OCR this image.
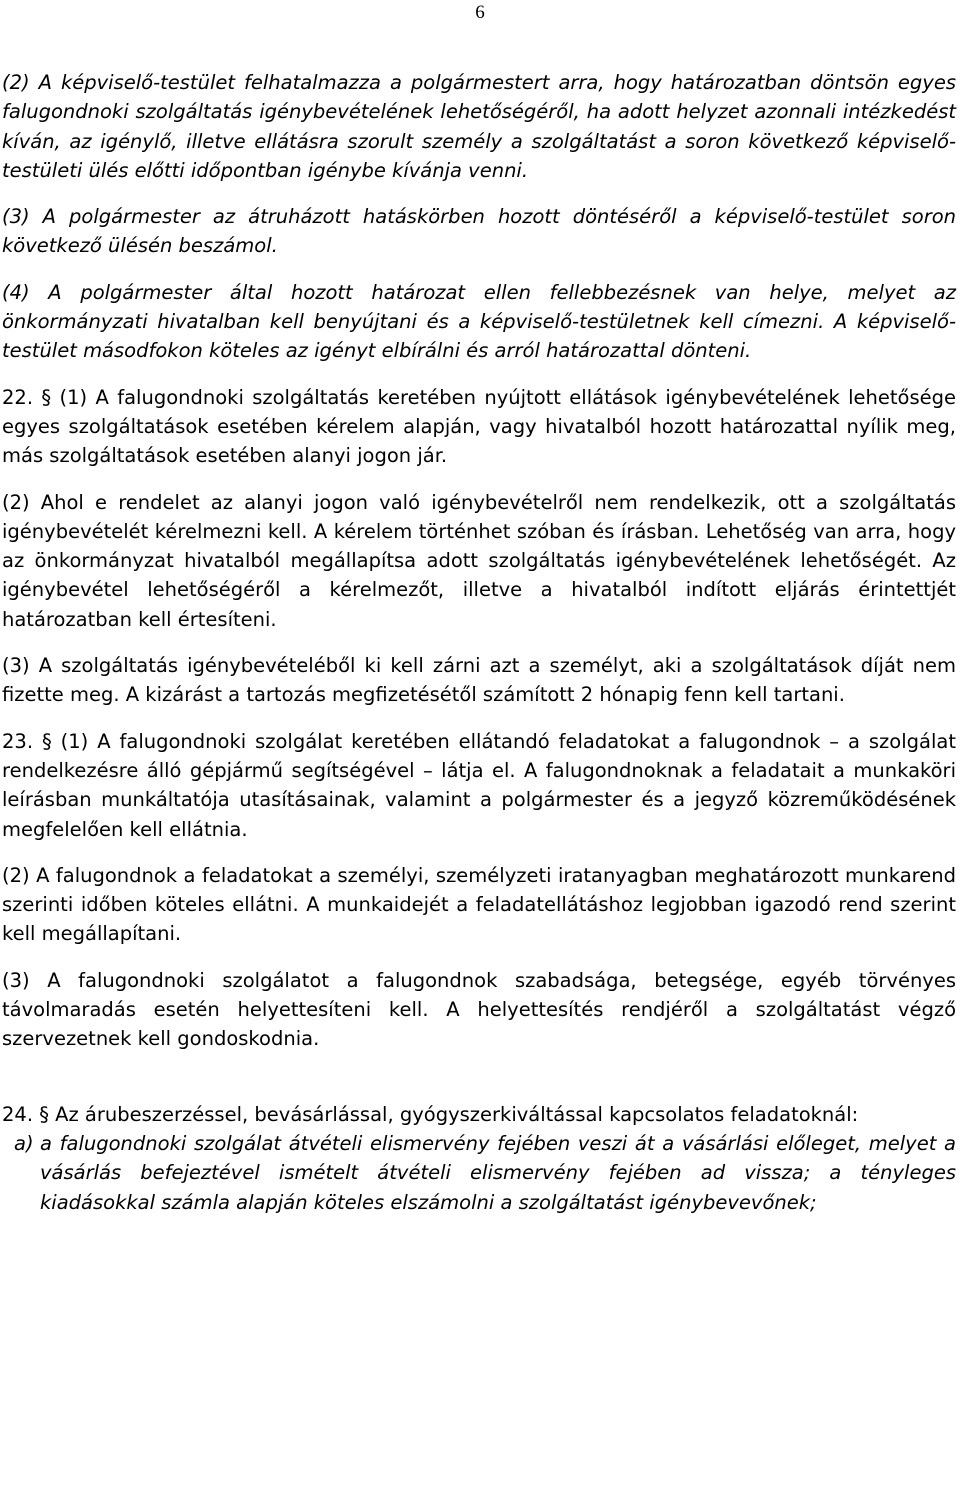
6

(2) A képviselő-testület felhatalmazza a polgármestert arra, hogy határozatban döntsön egyes falugondnoki szolgáltatás igénybevételének lehetőségéről, ha adott helyzet azonnali intézkedést kíván, az igénylő, illetve ellátásra szorult személy a szolgáltatást a soron következő képviselő-testületi ülés előtti időpontban igénybe kívánja venni.

(3) A polgármester az átruházott hatáskörben hozott döntéséről a képviselő-testület soron következő ülésén beszámol.

(4) A polgármester által hozott határozat ellen fellebbezésnek van helye, melyet az önkormányzati hivatalban kell benyújtani és a képviselő-testületnek kell címezni. A képviselő-testület másodfokon köteles az igényt elbírálni és arról határozattal dönteni.

22. § (1) A falugondnoki szolgáltatás keretében nyújtott ellátások igénybevételének lehetősége egyes szolgáltatások esetében kérelem alapján, vagy hivatalból hozott határozattal nyílik meg, más szolgáltatások esetében alanyi jogon jár.

(2) Ahol e rendelet az alanyi jogon való igénybevételről nem rendelkezik, ott a szolgáltatás igénybevételét kérelmezni kell. A kérelem történhet szóban és írásban. Lehetőség van arra, hogy az önkormányzat hivatalból megállapítsa adott szolgáltatás igénybevételének lehetőségét. Az igénybevétel lehetőségéről a kérelmezőt, illetve a hivatalból indított eljárás érintettjét határozatban kell értesíteni.

(3) A szolgáltatás igénybevételéből ki kell zárni azt a személyt, aki a szolgáltatások díját nem fizette meg. A kizárást a tartozás megfizetésétől számított 2 hónapig fenn kell tartani.

23. § (1) A falugondnoki szolgálat keretében ellátandó feladatokat a falugondnok – a szolgálat rendelkezésre álló gépjármű segítségével – látja el. A falugondnoknak a feladatait a munkaköri leírásban munkáltatója utasításainak, valamint a polgármester és a jegyző közreműködésének megfelelően kell ellátnia.

(2) A falugondnok a feladatokat a személyi, személyzeti iratanyagban meghatározott munkarend szerinti időben köteles ellátni. A munkaidejét a feladatellátáshoz legjobban igazodó rend szerint kell megállapítani.

(3) A falugondnoki szolgálatot a falugondnok szabadsága, betegsége, egyéb törvényes távolmaradás esetén helyettesíteni kell. A helyettesítés rendjéről a szolgáltatást végző szervezetnek kell gondoskodnia.

24. § Az árubeszerzéssel, bevásárlással, gyógyszerkiváltással kapcsolatos feladatoknál:

a) a falugondnoki szolgálat átvételi elismervény fejében veszi át a vásárlási előleget, melyet a vásárlás befejeztével ismételt átvételi elismervény fejében ad vissza; a tényleges kiadásokkal számla alapján köteles elszámolni a szolgáltatást igénybevevőnek;
